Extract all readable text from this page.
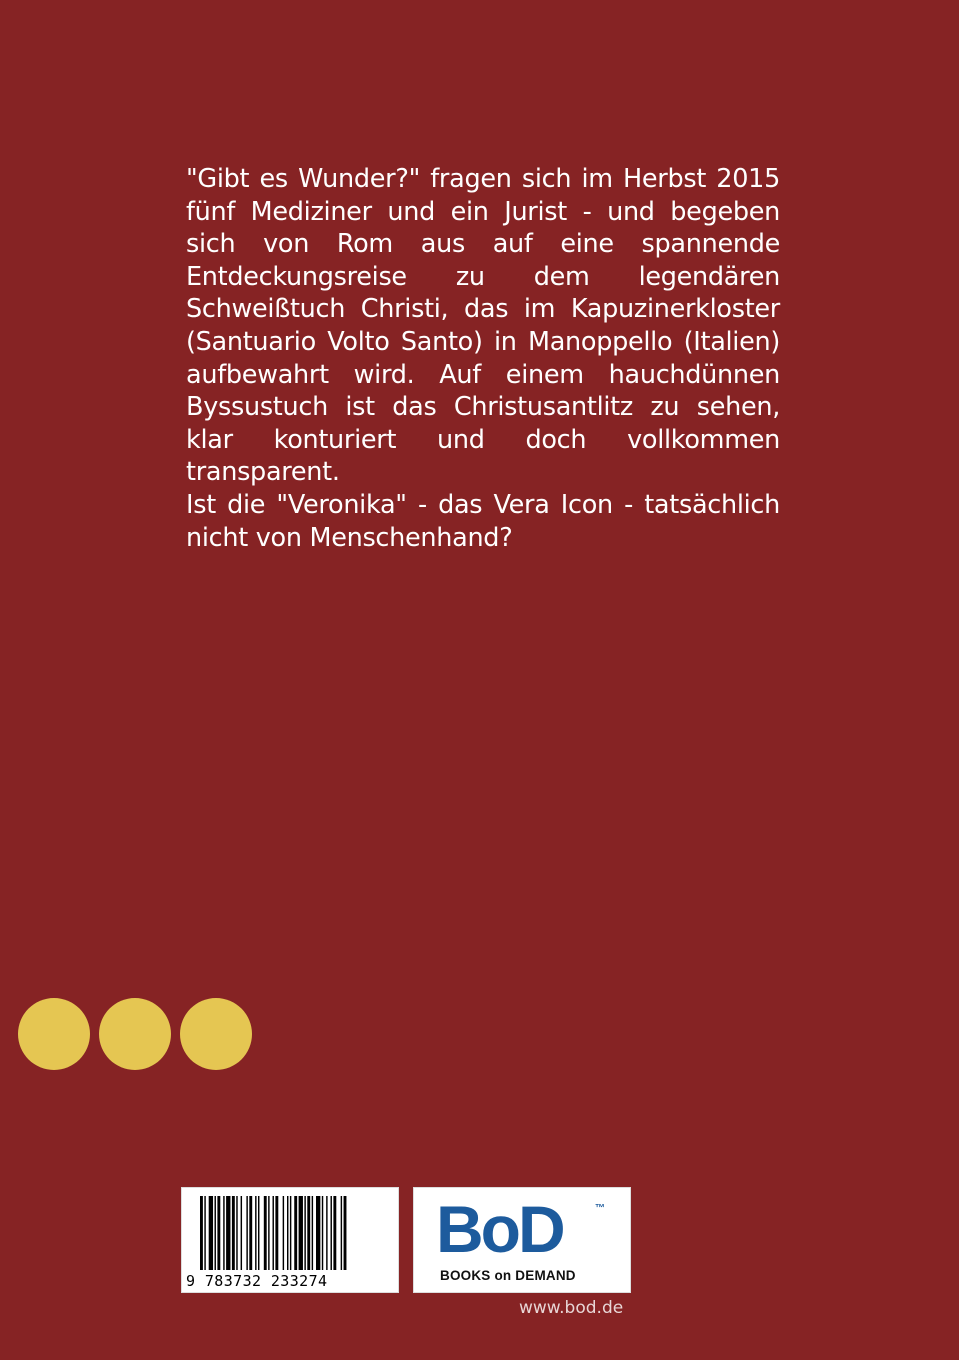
"Gibt es Wunder?" fragen sich im Herbst 2015 fünf Mediziner und ein Jurist - und begeben sich von Rom aus auf eine spannende Entdeckungsreise zu dem legendären Schweißtuch Christi, das im Kapuzinerkloster (Santuario Volto Santo) in Manoppello (Italien) aufbewahrt wird. Auf einem hauchdünnen Byssustuch ist das Christusantlitz zu sehen, klar konturiert und doch vollkommen transparent.

Ist die "Veronika" - das Vera Icon - tatsächlich nicht von Menschenhand?

9 783732 233274
BoD	™
BOOKS on DEMAND
www.bod.de
